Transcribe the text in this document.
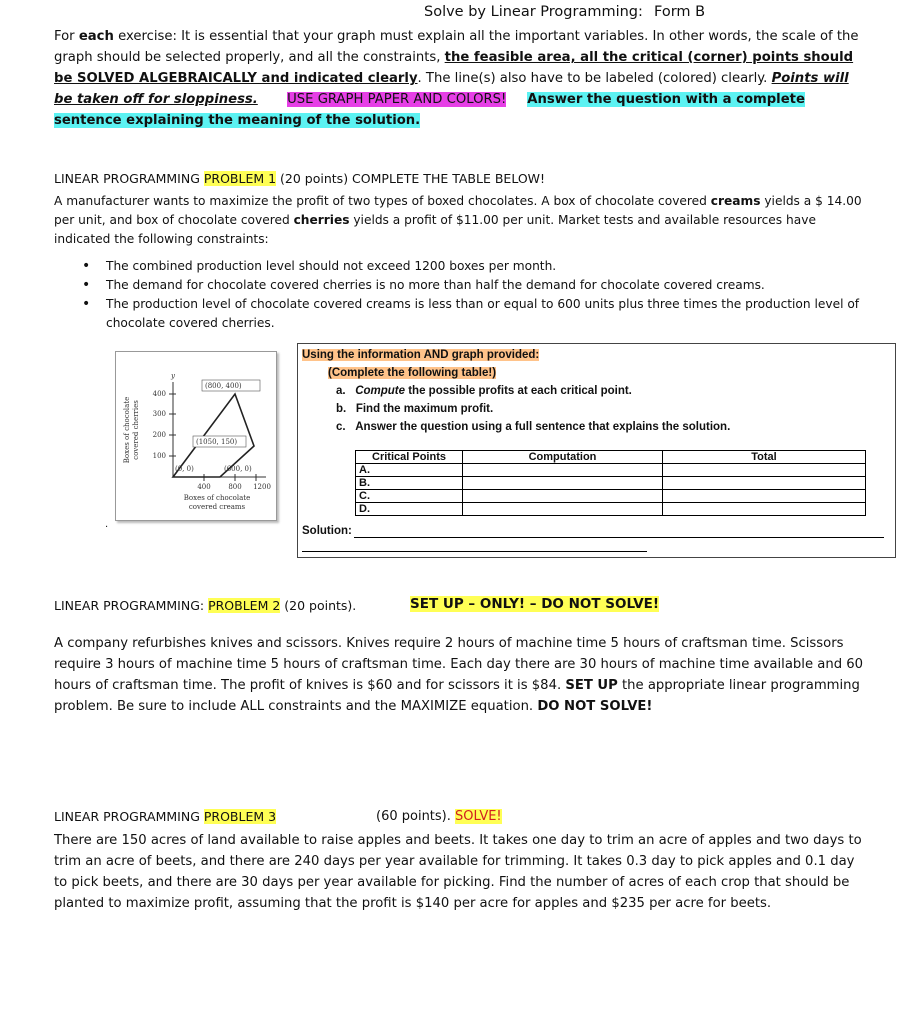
Solve by Linear Programming: Form B
For each exercise: It is essential that your graph must explain all the important variables. In other words, the scale of the graph should be selected properly, and all the constraints, the feasible area, all the critical (corner) points should be SOLVED ALGEBRAICALLY and indicated clearly. The line(s) also have to be labeled (colored) clearly. Points will be taken off for sloppiness. USE GRAPH PAPER AND COLORS! Answer the question with a complete sentence explaining the meaning of the solution.
LINEAR PROGRAMMING PROBLEM 1 (20 points) COMPLETE THE TABLE BELOW!
A manufacturer wants to maximize the profit of two types of boxed chocolates. A box of chocolate covered creams yields a $ 14.00 per unit, and box of chocolate covered cherries yields a profit of $11.00 per unit. Market tests and available resources have indicated the following constraints:
• The combined production level should not exceed 1200 boxes per month.
• The demand for chocolate covered cherries is no more than half the demand for chocolate covered creams.
• The production level of chocolate covered creams is less than or equal to 600 units plus three times the production level of chocolate covered cherries.
Boxes of chocolate covered cherries
y
400
300
200
100
400	800 1200
(800, 400)
(1050, 150)
(0, 0)	(600, 0)
Boxes of chocolate
covered creams
.
Using the information AND graph provided:
(Complete the following table!)
a. Compute the possible profits at each critical point.
b. Find the maximum profit.
c. Answer the question using a full sentence that explains the solution.
Critical Points	Computation	Total
A.		
B.		
C.		
D.		
Solution:
LINEAR PROGRAMMING: PROBLEM 2 (20 points).	SET UP – ONLY! – DO NOT SOLVE!
A company refurbishes knives and scissors. Knives require 2 hours of machine time 5 hours of craftsman time. Scissors require 3 hours of machine time 5 hours of craftsman time. Each day there are 30 hours of machine time available and 60 hours of craftsman time. The profit of knives is $60 and for scissors it is $84. SET UP the appropriate linear programming problem. Be sure to include ALL constraints and the MAXIMIZE equation. DO NOT SOLVE!
LINEAR PROGRAMMING PROBLEM 3	(60 points). SOLVE!
There are 150 acres of land available to raise apples and beets. It takes one day to trim an acre of apples and two days to trim an acre of beets, and there are 240 days per year available for trimming. It takes 0.3 day to pick apples and 0.1 day to pick beets, and there are 30 days per year available for picking. Find the number of acres of each crop that should be planted to maximize profit, assuming that the profit is $140 per acre for apples and $235 per acre for beets.
